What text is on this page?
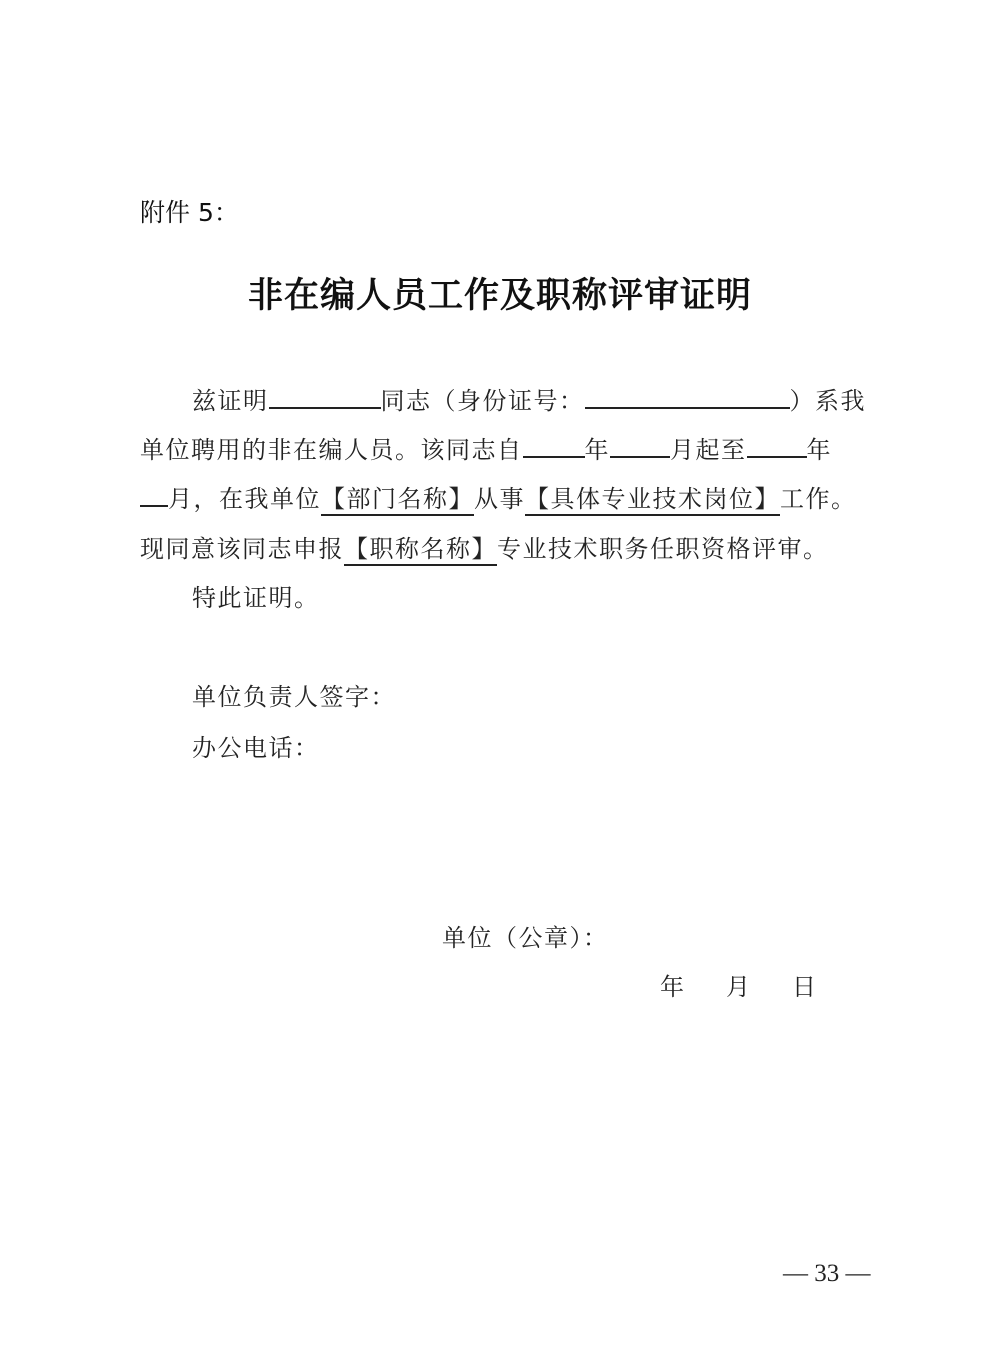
附件 5：
非在编人员工作及职称评审证明
兹证明	同志（身份证号：	）系我
单位聘用的非在编人员。该同志自	年	月起至	年
月，在我单位【部门名称】从事【具体专业技术岗位】工作。
现同意该同志申报【职称名称】专业技术职务任职资格评审。
特此证明。
单位负责人签字：
办公电话：
单位（公章）：
年 月 日
— 33 —
